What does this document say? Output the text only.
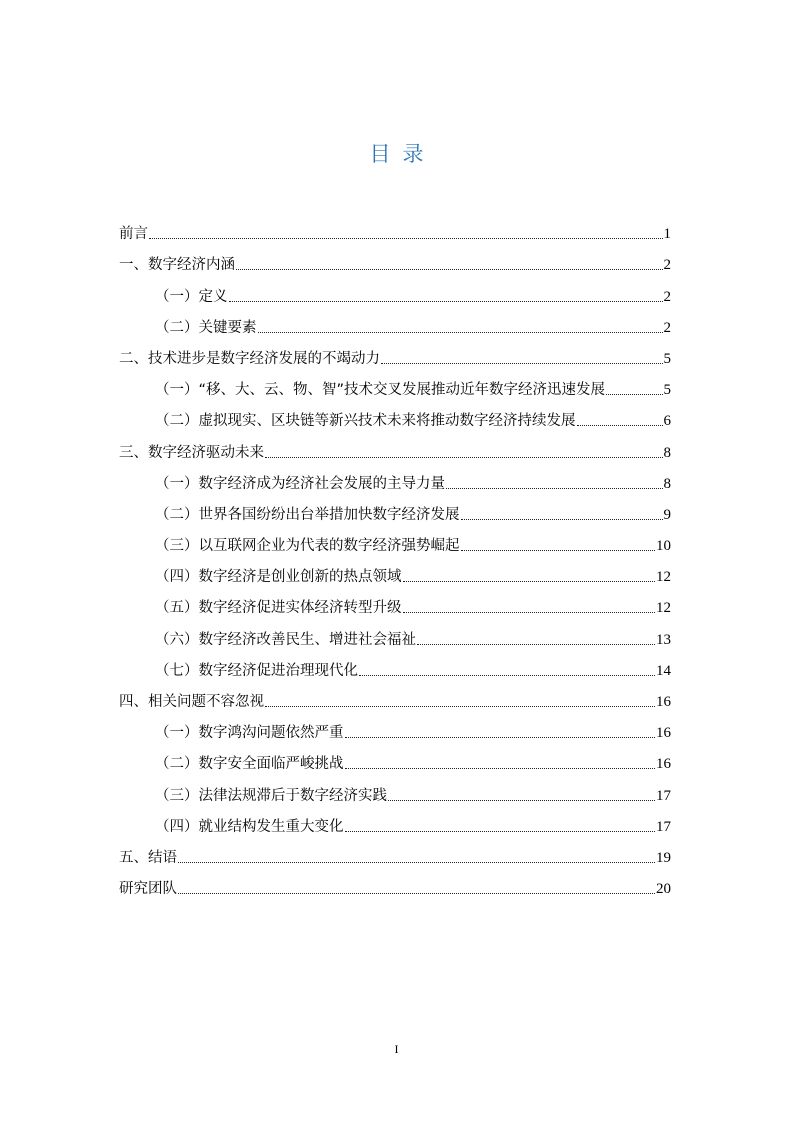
目录
前言	1
一、数字经济内涵	2
（一）定义	2
（二）关键要素	2
二、技术进步是数字经济发展的不竭动力	5
（一）“移、大、云、物、智”技术交叉发展推动近年数字经济迅速发展	5
（二）虚拟现实、区块链等新兴技术未来将推动数字经济持续发展	6
三、数字经济驱动未来	8
（一）数字经济成为经济社会发展的主导力量	8
（二）世界各国纷纷出台举措加快数字经济发展	9
（三）以互联网企业为代表的数字经济强势崛起	10
（四）数字经济是创业创新的热点领域	12
（五）数字经济促进实体经济转型升级	12
（六）数字经济改善民生、增进社会福祉	13
（七）数字经济促进治理现代化	14
四、相关问题不容忽视	16
（一）数字鸿沟问题依然严重	16
（二）数字安全面临严峻挑战	16
（三）法律法规滞后于数字经济实践	17
（四）就业结构发生重大变化	17
五、结语	19
研究团队	20
I
